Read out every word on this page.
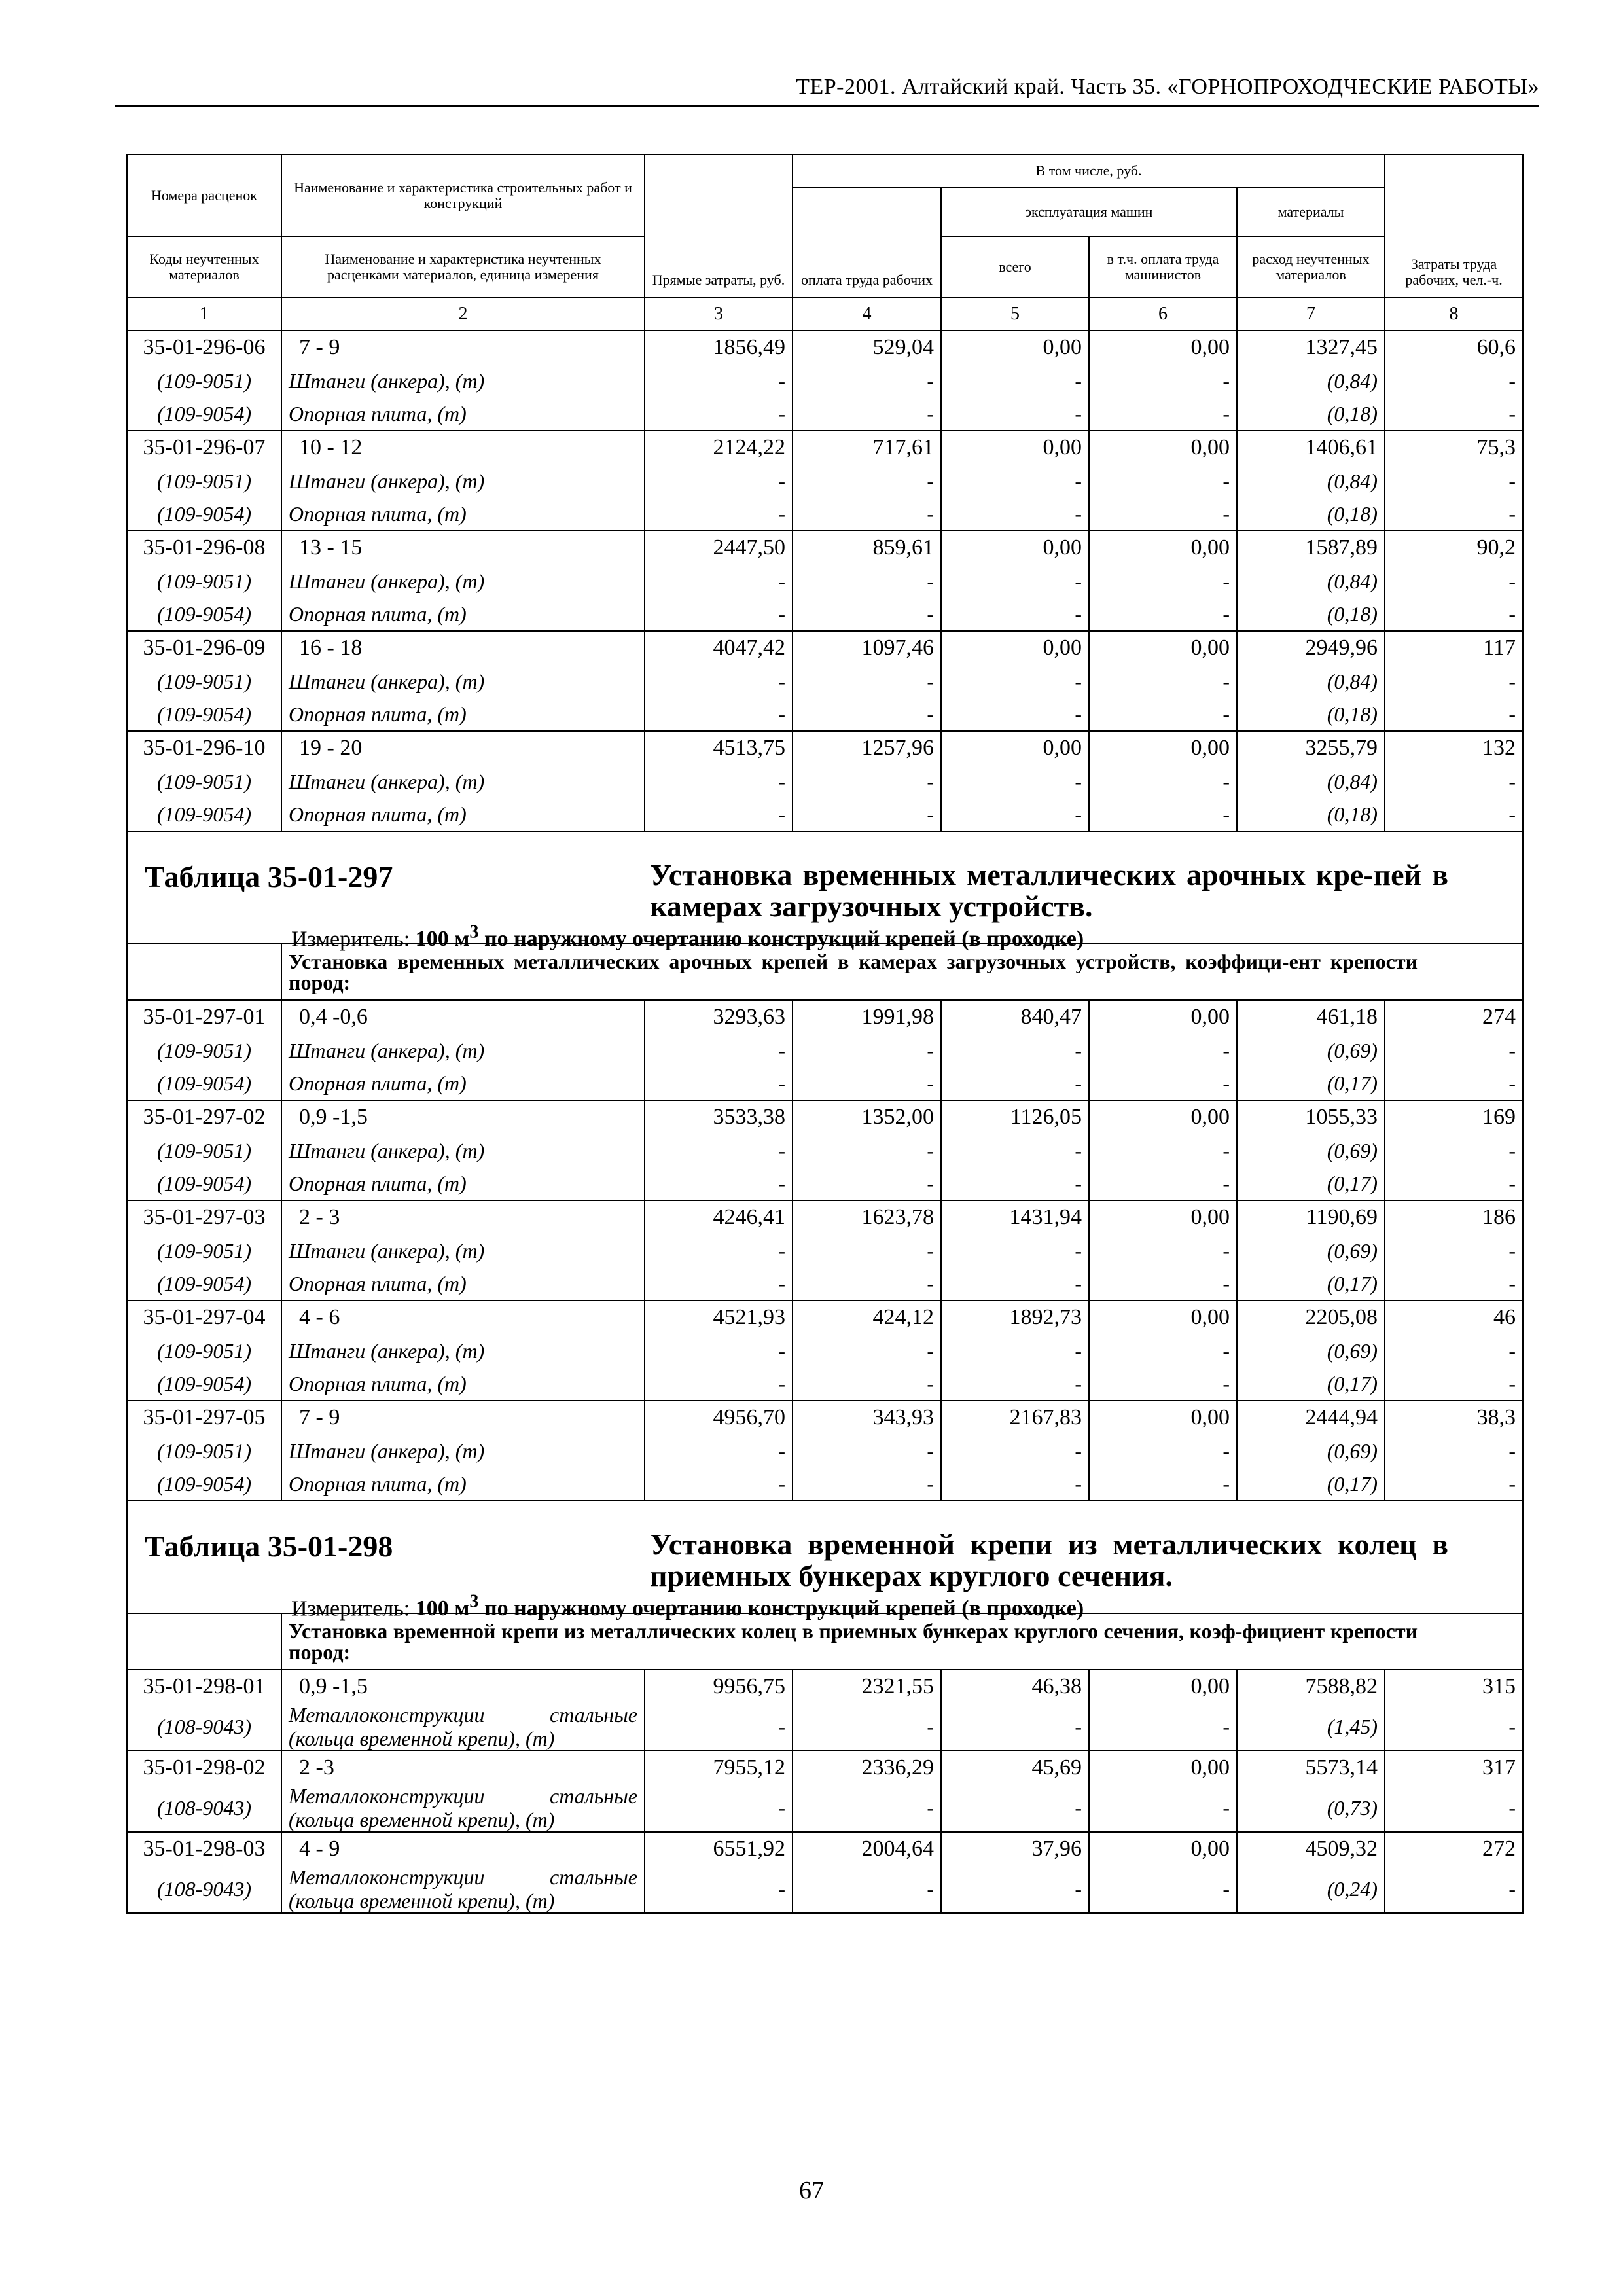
ТЕР-2001. Алтайский край. Часть 35. «ГОРНОПРОХОДЧЕСКИЕ РАБОТЫ»
Номера расценок	Наименование и характеристика строительных работ и конструкций	Прямые затраты, руб.	В том числе, руб.				Затраты труда рабочих, чел.-ч.
			оплата труда рабочих	эксплуатация машин		материалы	
Коды неучтенных материалов	Наименование и характеристика неучтенных расценками материалов, единица измерения			всего	в т.ч. оплата труда машинистов	расход неучтенных материалов	
1	2	3	4	5	6	7	8
35-01-296-06	7 - 9	1856,49	529,04	0,00	0,00	1327,45	60,6
(109-9051)	Штанги (анкера), (т)	-	-	-	-	(0,84)	-
(109-9054)	Опорная плита, (т)	-	-	-	-	(0,18)	-
35-01-296-07	10 - 12	2124,22	717,61	0,00	0,00	1406,61	75,3
(109-9051)	Штанги (анкера), (т)	-	-	-	-	(0,84)	-
(109-9054)	Опорная плита, (т)	-	-	-	-	(0,18)	-
35-01-296-08	13 - 15	2447,50	859,61	0,00	0,00	1587,89	90,2
(109-9051)	Штанги (анкера), (т)	-	-	-	-	(0,84)	-
(109-9054)	Опорная плита, (т)	-	-	-	-	(0,18)	-
35-01-296-09	16 - 18	4047,42	1097,46	0,00	0,00	2949,96	117
(109-9051)	Штанги (анкера), (т)	-	-	-	-	(0,84)	-
(109-9054)	Опорная плита, (т)	-	-	-	-	(0,18)	-
35-01-296-10	19 - 20	4513,75	1257,96	0,00	0,00	3255,79	132
(109-9051)	Штанги (анкера), (т)	-	-	-	-	(0,84)	-
(109-9054)	Опорная плита, (т)	-	-	-	-	(0,18)	-

Таблица 35-01-297 Установка временных металлических арочных кре-пей в камерах загрузочных устройств.
Измеритель: 100 $м^3$ по наружному очертанию конструкций крепей (в проходке)							

	Установка временных металлических арочных крепей в камерах загрузочных устройств, коэффици-ент крепости пород:						

35-01-297-01	0,4 -0,6	3293,63	1991,98	840,47	0,00	461,18	274
(109-9051)	Штанги (анкера), (т)	-	-	-	-	(0,69)	-
(109-9054)	Опорная плита, (т)	-	-	-	-	(0,17)	-
35-01-297-02	0,9 -1,5	3533,38	1352,00	1126,05	0,00	1055,33	169
(109-9051)	Штанги (анкера), (т)	-	-	-	-	(0,69)	-
(109-9054)	Опорная плита, (т)	-	-	-	-	(0,17)	-
35-01-297-03	2 - 3	4246,41	1623,78	1431,94	0,00	1190,69	186
(109-9051)	Штанги (анкера), (т)	-	-	-	-	(0,69)	-
(109-9054)	Опорная плита, (т)	-	-	-	-	(0,17)	-
35-01-297-04	4 - 6	4521,93	424,12	1892,73	0,00	2205,08	46
(109-9051)	Штанги (анкера), (т)	-	-	-	-	(0,69)	-
(109-9054)	Опорная плита, (т)	-	-	-	-	(0,17)	-
35-01-297-05	7 - 9	4956,70	343,93	2167,83	0,00	2444,94	38,3
(109-9051)	Штанги (анкера), (т)	-	-	-	-	(0,69)	-
(109-9054)	Опорная плита, (т)	-	-	-	-	(0,17)	-

Таблица 35-01-298 Установка временной крепи из металлических колец в приемных бункерах круглого сечения.
Измеритель: 100 $м^3$ по наружному очертанию конструкций крепей (в проходке)							

	Установка временной крепи из металлических колец в приемных бункерах круглого сечения, коэф-фициент крепости пород:						

35-01-298-01	0,9 -1,5	9956,75	2321,55	46,38	0,00	7588,82	315
(108-9043)	Металлоконструкции стальные (кольца временной крепи), (т)	-	-	-	-	(1,45)	-
35-01-298-02	2 -3	7955,12	2336,29	45,69	0,00	5573,14	317
(108-9043)	Металлоконструкции стальные (кольца временной крепи), (т)	-	-	-	-	(0,73)	-
35-01-298-03	4 - 9	6551,92	2004,64	37,96	0,00	4509,32	272
(108-9043)	Металлоконструкции стальные (кольца временной крепи), (т)	-	-	-	-	(0,24)	-
67
